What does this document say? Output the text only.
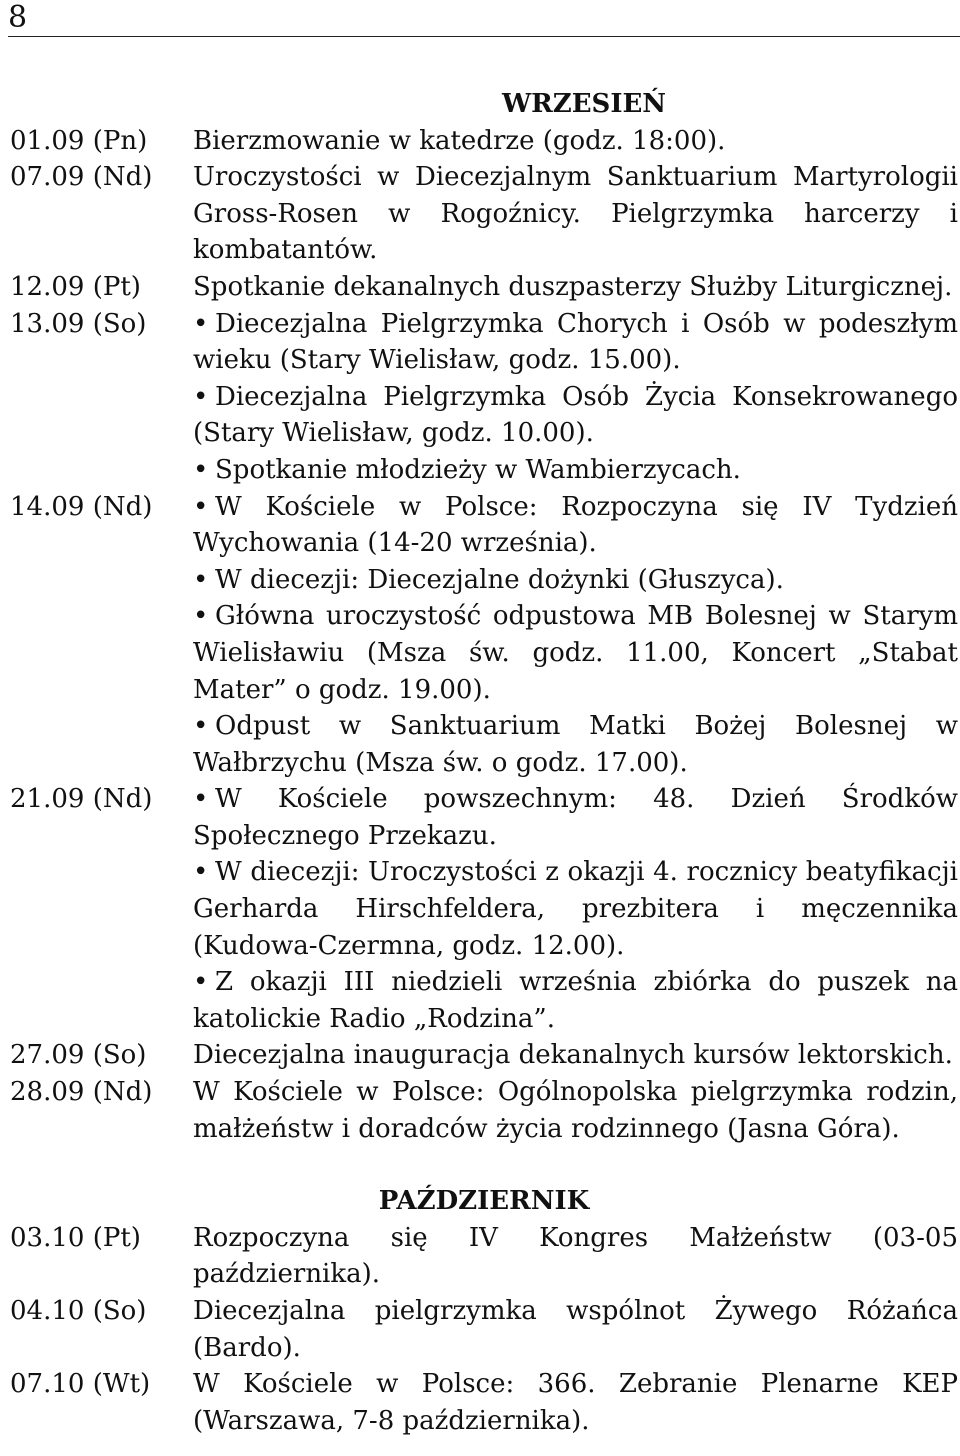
8
WRZESIEŃ
01.09 (Pn)	Bierzmowanie w katedrze (godz. 18:00).
07.09 (Nd)	Uroczystości w Diecezjalnym Sanktuarium Martyrologii
Gross-Rosen w Rogoźnicy. Pielgrzymka harcerzy i
kombatantów.
12.09 (Pt)	Spotkanie dekanalnych duszpasterzy Służby Liturgicznej.
13.09 (So)	• Diecezjalna Pielgrzymka Chorych i Osób w podeszłym
wieku (Stary Wielisław, godz. 15.00).
• Diecezjalna Pielgrzymka Osób Życia Konsekrowanego
(Stary Wielisław, godz. 10.00).
• Spotkanie młodzieży w Wambierzycach.
14.09 (Nd)	• W Kościele w Polsce: Rozpoczyna się IV Tydzień
Wychowania (14-20 września).
• W diecezji: Diecezjalne dożynki (Głuszyca).
• Główna uroczystość odpustowa MB Bolesnej w Starym
Wielisławiu (Msza św. godz. 11.00, Koncert „Stabat
Mater” o godz. 19.00).
• Odpust w Sanktuarium Matki Bożej Bolesnej w
Wałbrzychu (Msza św. o godz. 17.00).
21.09 (Nd)	• W Kościele powszechnym: 48. Dzień Środków
Społecznego Przekazu.
• W diecezji: Uroczystości z okazji 4. rocznicy beatyfikacji
Gerharda Hirschfeldera, prezbitera i męczennika
(Kudowa-Czermna, godz. 12.00).
• Z okazji III niedzieli września zbiórka do puszek na
katolickie Radio „Rodzina”.
27.09 (So)	Diecezjalna inauguracja dekanalnych kursów lektorskich.
28.09 (Nd)	W Kościele w Polsce: Ogólnopolska pielgrzymka rodzin,
małżeństw i doradców życia rodzinnego (Jasna Góra).
PAŹDZIERNIK
03.10 (Pt)	Rozpoczyna się IV Kongres Małżeństw (03-05
października).
04.10 (So)	Diecezjalna pielgrzymka wspólnot Żywego Różańca
(Bardo).
07.10 (Wt)	W Kościele w Polsce: 366. Zebranie Plenarne KEP
(Warszawa, 7-8 października).
